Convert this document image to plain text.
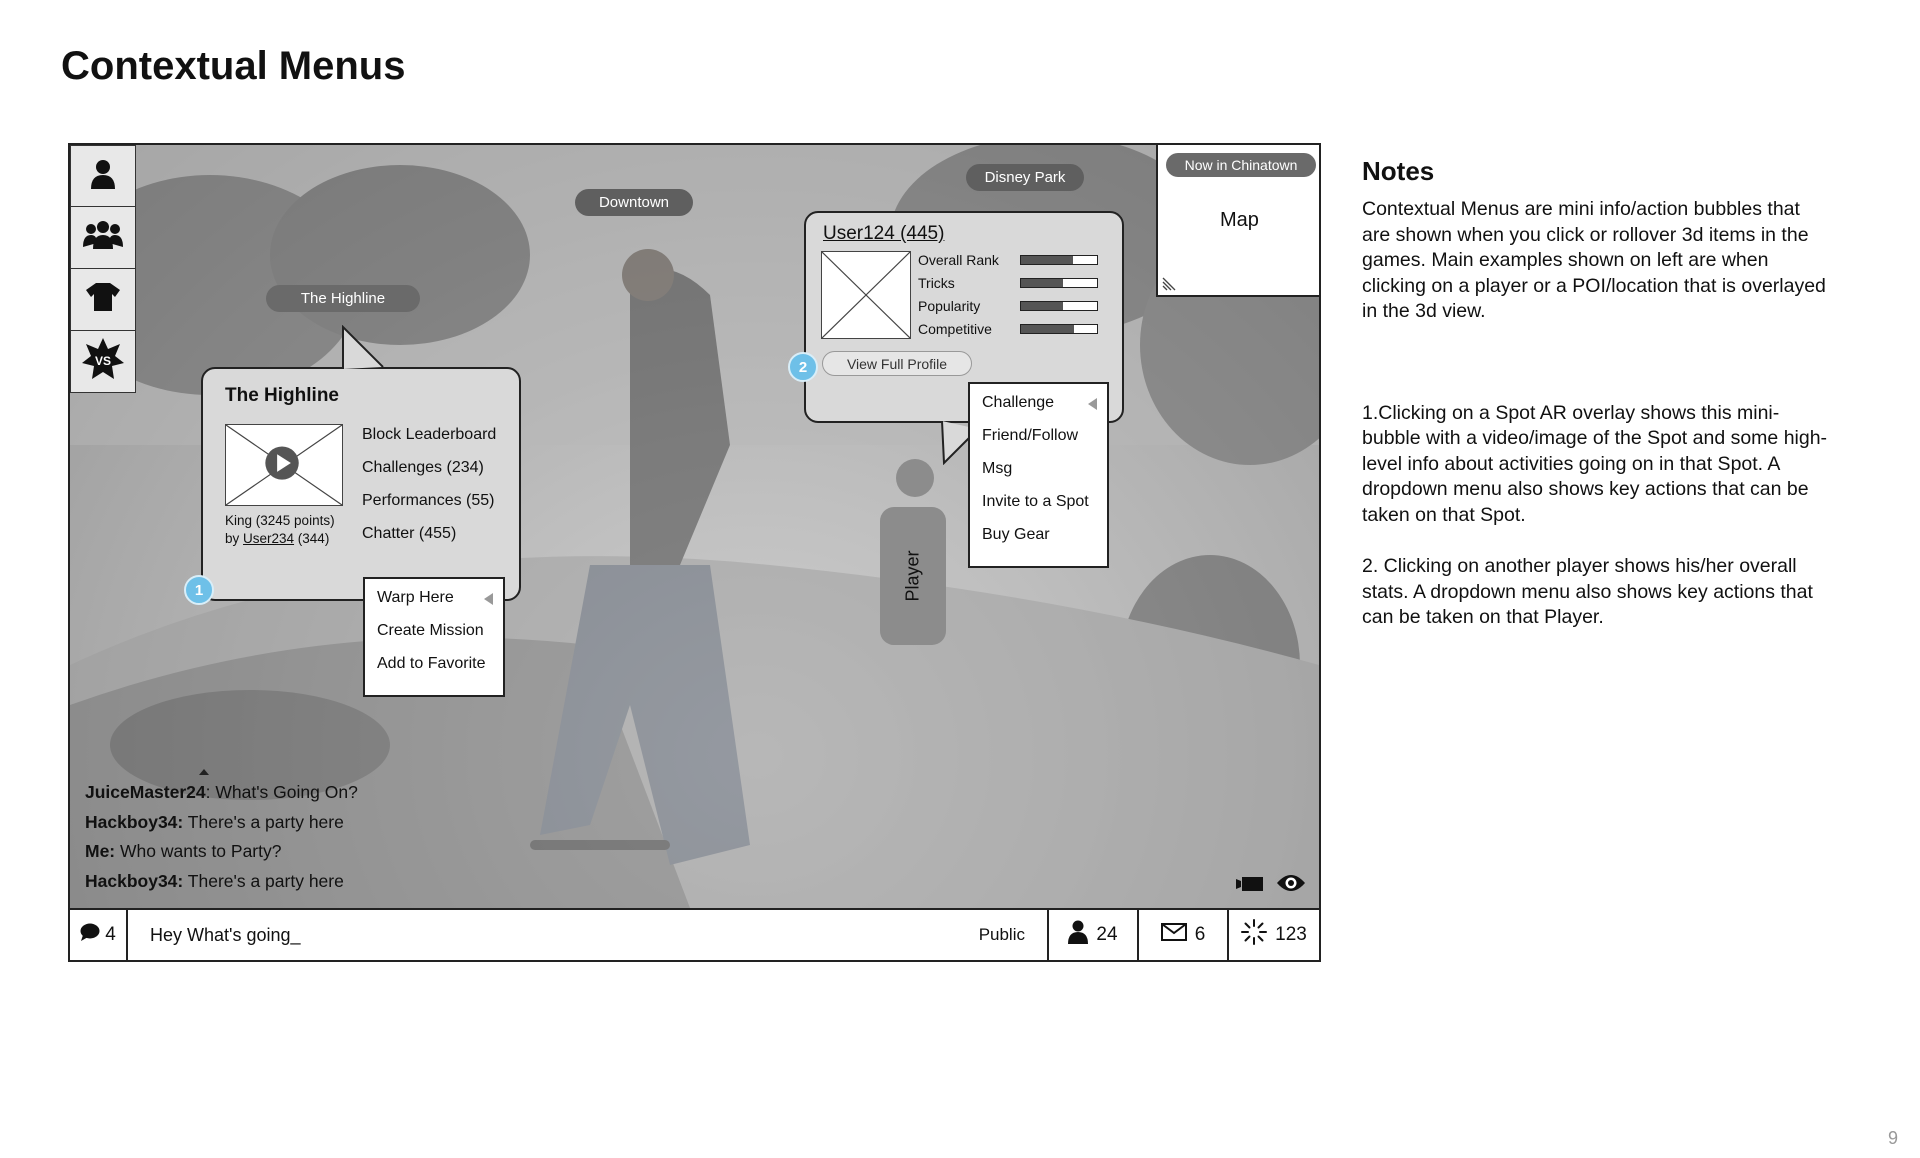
Contextual Menus
VS
Downtown
Disney Park
The Highline
The Highline
King (3245 points)
by User234 (344)
Block Leaderboard
Challenges (234)
Performances (55)
Chatter (455)
1	Warp Here
Create Mission
Add to Favorite
User124 (445)
Overall Rank
Tricks
Popularity
Competitive
View Full Profile
2
Challenge
Friend/Follow
Msg
Invite to a Spot
Buy Gear
Player
Now in Chinatown
Map
JuiceMaster24: What's Going On?
Hackboy34: There's a party here
Me: Who wants to Party?
Hackboy34: There's a party here
4 Hey What's going_	Public	24	6	123
Notes

Contextual Menus are mini info/action bubbles that are shown when you click or rollover 3d items in the games. Main examples shown on left are when clicking on a player or a POI/location that is overlayed in the 3d view.

1.Clicking on a Spot AR overlay shows this mini-bubble with a video/image of the Spot and some high-level info about activities going on in that Spot. A dropdown menu also shows key actions that can be taken on that Spot.

2. Clicking on another player shows his/her overall stats. A dropdown menu also shows key actions that can be taken on that Player.

9
